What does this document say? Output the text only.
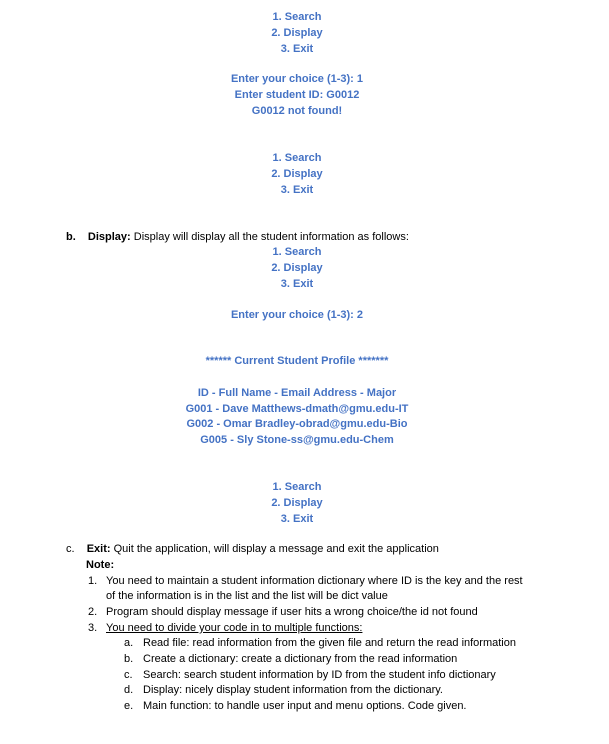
1. Search
2. Display
3. Exit
Enter your choice (1-3): 1
Enter student ID: G0012
G0012 not found!
1. Search
2. Display
3. Exit
b. Display: Display will display all the student information as follows:
1. Search
2. Display
3. Exit
Enter your choice (1-3): 2
****** Current Student Profile *******
ID - Full Name - Email Address - Major
G001 - Dave Matthews-dmath@gmu.edu-IT
G002 - Omar Bradley-obrad@gmu.edu-Bio
G005 - Sly Stone-ss@gmu.edu-Chem
1. Search
2. Display
3. Exit
c. Exit: Quit the application, will display a message and exit the application
Note:
1. You need to maintain a student information dictionary where ID is the key and the rest
of the information is in the list and the list will be dict value
2. Program should display message if user hits a wrong choice/the id not found
3. You need to divide your code in to multiple functions:
a. Read file: read information from the given file and return the read information
b. Create a dictionary: create a dictionary from the read information
c. Search: search student information by ID from the student info dictionary
d. Display: nicely display student information from the dictionary.
e. Main function: to handle user input and menu options. Code given.
